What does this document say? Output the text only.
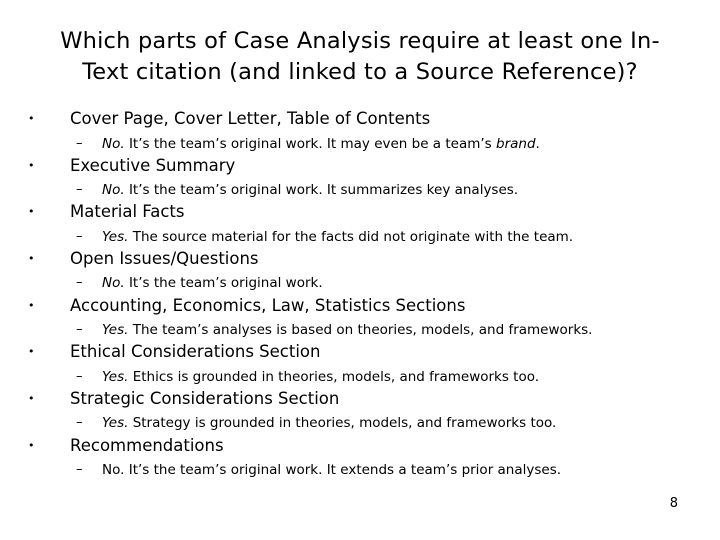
Which parts of Case Analysis require at least one In-Text citation (and linked to a Source Reference)?
• Cover Page, Cover Letter, Table of Contents
– No. It’s the team’s original work. It may even be a team’s brand.
• Executive Summary
– No. It’s the team’s original work. It summarizes key analyses.
• Material Facts
– Yes. The source material for the facts did not originate with the team.
• Open Issues/Questions
– No. It’s the team’s original work.
• Accounting, Economics, Law, Statistics Sections
– Yes. The team’s analyses is based on theories, models, and frameworks.
• Ethical Considerations Section
– Yes. Ethics is grounded in theories, models, and frameworks too.
• Strategic Considerations Section
– Yes. Strategy is grounded in theories, models, and frameworks too.
• Recommendations
– No. It’s the team’s original work. It extends a team’s prior analyses.
8
